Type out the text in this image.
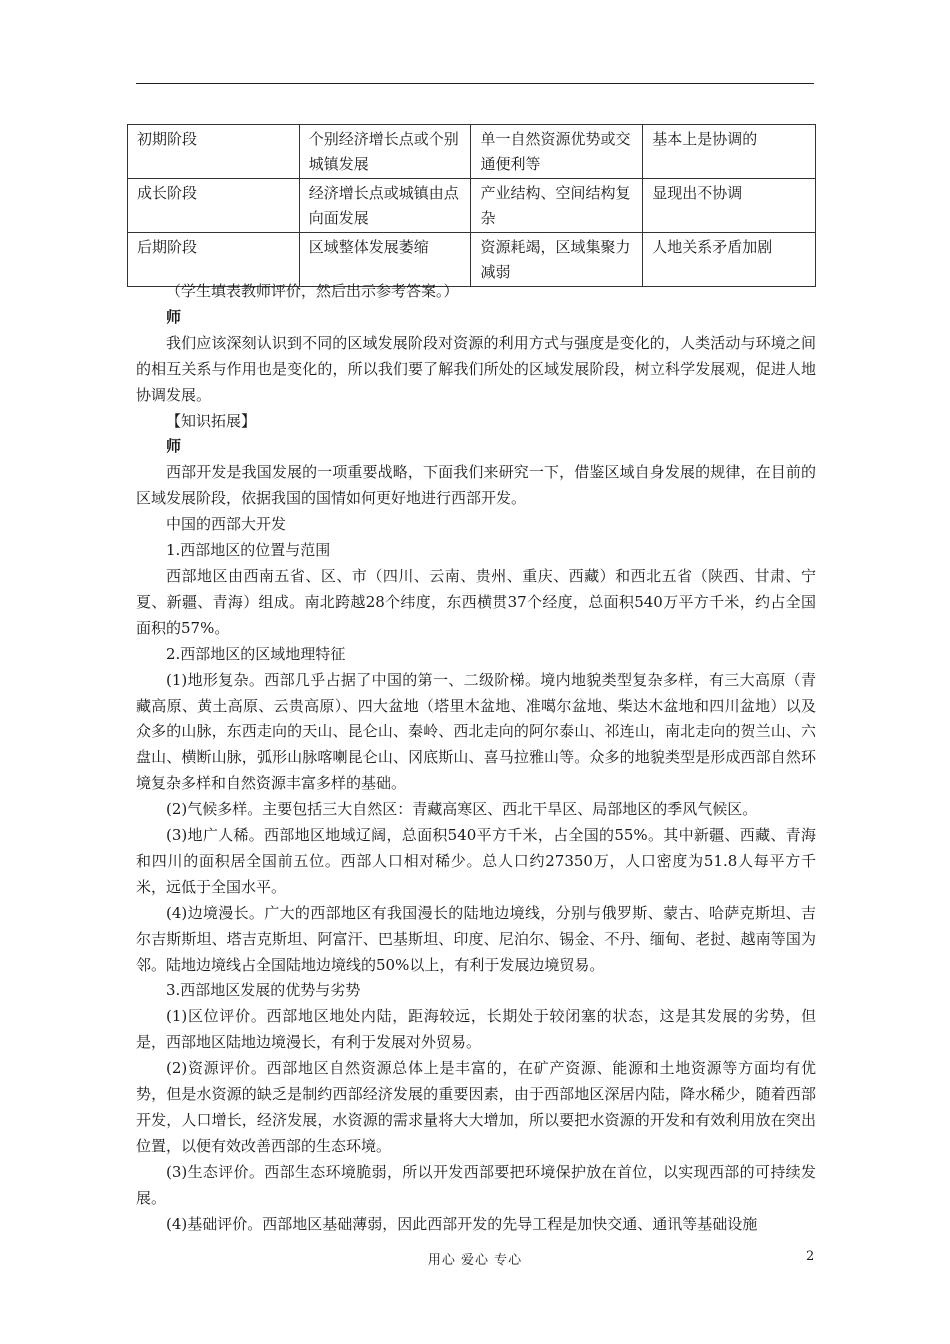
初期阶段	个别经济增长点或个别城镇发展	单一自然资源优势或交通便利等	基本上是协调的
成长阶段	经济增长点或城镇由点向面发展	产业结构、空间结构复杂	显现出不协调
后期阶段	区域整体发展萎缩	资源耗竭，区域集聚力减弱	人地关系矛盾加剧

（学生填表教师评价，然后出示参考答案。）

师

我们应该深刻认识到不同的区域发展阶段对资源的利用方式与强度是变化的，人类活动与环境之间的相互关系与作用也是变化的，所以我们要了解我们所处的区域发展阶段，树立科学发展观，促进人地协调发展。

【知识拓展】

师

西部开发是我国发展的一项重要战略，下面我们来研究一下，借鉴区域自身发展的规律，在目前的区域发展阶段，依据我国的国情如何更好地进行西部开发。

中国的西部大开发

1.西部地区的位置与范围

西部地区由西南五省、区、市（四川、云南、贵州、重庆、西藏）和西北五省（陕西、甘肃、宁夏、新疆、青海）组成。南北跨越28个纬度，东西横贯37个经度，总面积540万平方千米，约占全国面积的57%。

2.西部地区的区域地理特征

(1)地形复杂。西部几乎占据了中国的第一、二级阶梯。境内地貌类型复杂多样，有三大高原（青藏高原、黄土高原、云贵高原）、四大盆地（塔里木盆地、准噶尔盆地、柴达木盆地和四川盆地）以及众多的山脉，东西走向的天山、昆仑山、秦岭、西北走向的阿尔泰山、祁连山，南北走向的贺兰山、六盘山、横断山脉，弧形山脉喀喇昆仑山、冈底斯山、喜马拉雅山等。众多的地貌类型是形成西部自然环境复杂多样和自然资源丰富多样的基础。

(2)气候多样。主要包括三大自然区：青藏高寒区、西北干旱区、局部地区的季风气候区。

(3)地广人稀。西部地区地域辽阔，总面积540平方千米，占全国的55%。其中新疆、西藏、青海和四川的面积居全国前五位。西部人口相对稀少。总人口约27350万，人口密度为51.8人每平方千米，远低于全国水平。

(4)边境漫长。广大的西部地区有我国漫长的陆地边境线，分别与俄罗斯、蒙古、哈萨克斯坦、吉尔吉斯斯坦、塔吉克斯坦、阿富汗、巴基斯坦、印度、尼泊尔、锡金、不丹、缅甸、老挝、越南等国为邻。陆地边境线占全国陆地边境线的50%以上，有利于发展边境贸易。

3.西部地区发展的优势与劣势

(1)区位评价。西部地区地处内陆，距海较远，长期处于较闭塞的状态，这是其发展的劣势，但是，西部地区陆地边境漫长，有利于发展对外贸易。

(2)资源评价。西部地区自然资源总体上是丰富的，在矿产资源、能源和土地资源等方面均有优势，但是水资源的缺乏是制约西部经济发展的重要因素，由于西部地区深居内陆，降水稀少，随着西部开发，人口增长，经济发展，水资源的需求量将大大增加，所以要把水资源的开发和有效利用放在突出位置，以便有效改善西部的生态环境。

(3)生态评价。西部生态环境脆弱，所以开发西部要把环境保护放在首位，以实现西部的可持续发展。

(4)基础评价。西部地区基础薄弱，因此西部开发的先导工程是加快交通、通讯等基础设施

用心 爱心 专心	2
